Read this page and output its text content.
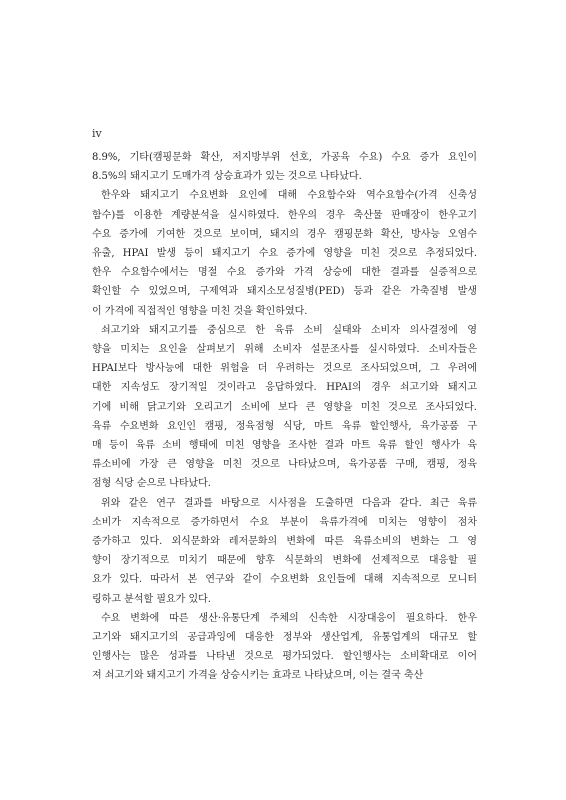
iv

8.9%, 기타(캠핑문화 확산, 저지방부위 선호, 가공육 수요) 수요 증가 요인이
8.5%의 돼지고기 도매가격 상승효과가 있는 것으로 나타났다.

한우와 돼지고기 수요변화 요인에 대해 수요함수와 역수요함수(가격 신축성
함수)를 이용한 계량분석을 실시하였다. 한우의 경우 축산물 판매장이 한우고기
수요 증가에 기여한 것으로 보이며, 돼지의 경우 캠핑문화 확산, 방사능 오염수
유출, HPAI 발생 등이 돼지고기 수요 증가에 영향을 미친 것으로 추정되었다.
한우 수요함수에서는 명절 수요 증가와 가격 상승에 대한 결과를 실증적으로
확인할 수 있었으며, 구제역과 돼지소모성질병(PED) 등과 같은 가축질병 발생
이 가격에 직접적인 영향을 미친 것을 확인하였다.

쇠고기와 돼지고기를 중심으로 한 육류 소비 실태와 소비자 의사결정에 영
향을 미치는 요인을 살펴보기 위해 소비자 설문조사를 실시하였다. 소비자들은
HPAI보다 방사능에 대한 위험을 더 우려하는 것으로 조사되었으며, 그 우려에
대한 지속성도 장기적일 것이라고 응답하였다. HPAI의 경우 쇠고기와 돼지고
기에 비해 닭고기와 오리고기 소비에 보다 큰 영향을 미친 것으로 조사되었다.
육류 수요변화 요인인 캠핑, 정육점형 식당, 마트 육류 할인행사, 육가공품 구
매 등이 육류 소비 행태에 미친 영향을 조사한 결과 마트 육류 할인 행사가 육
류소비에 가장 큰 영향을 미친 것으로 나타났으며, 육가공품 구매, 캠핑, 정육
점형 식당 순으로 나타났다.

위와 같은 연구 결과를 바탕으로 시사점을 도출하면 다음과 같다. 최근 육류
소비가 지속적으로 증가하면서 수요 부분이 육류가격에 미치는 영향이 점차
증가하고 있다. 외식문화와 레저문화의 변화에 따른 육류소비의 변화는 그 영
향이 장기적으로 미치기 때문에 향후 식문화의 변화에 선제적으로 대응할 필
요가 있다. 따라서 본 연구와 같이 수요변화 요인들에 대해 지속적으로 모니터
링하고 분석할 필요가 있다.

수요 변화에 따른 생산·유통단계 주체의 신속한 시장대응이 필요하다. 한우
고기와 돼지고기의 공급과잉에 대응한 정부와 생산업계, 유통업계의 대규모 할
인행사는 많은 성과를 나타낸 것으로 평가되었다. 할인행사는 소비확대로 이어
져 쇠고기와 돼지고기 가격을 상승시키는 효과로 나타났으며, 이는 결국 축산
